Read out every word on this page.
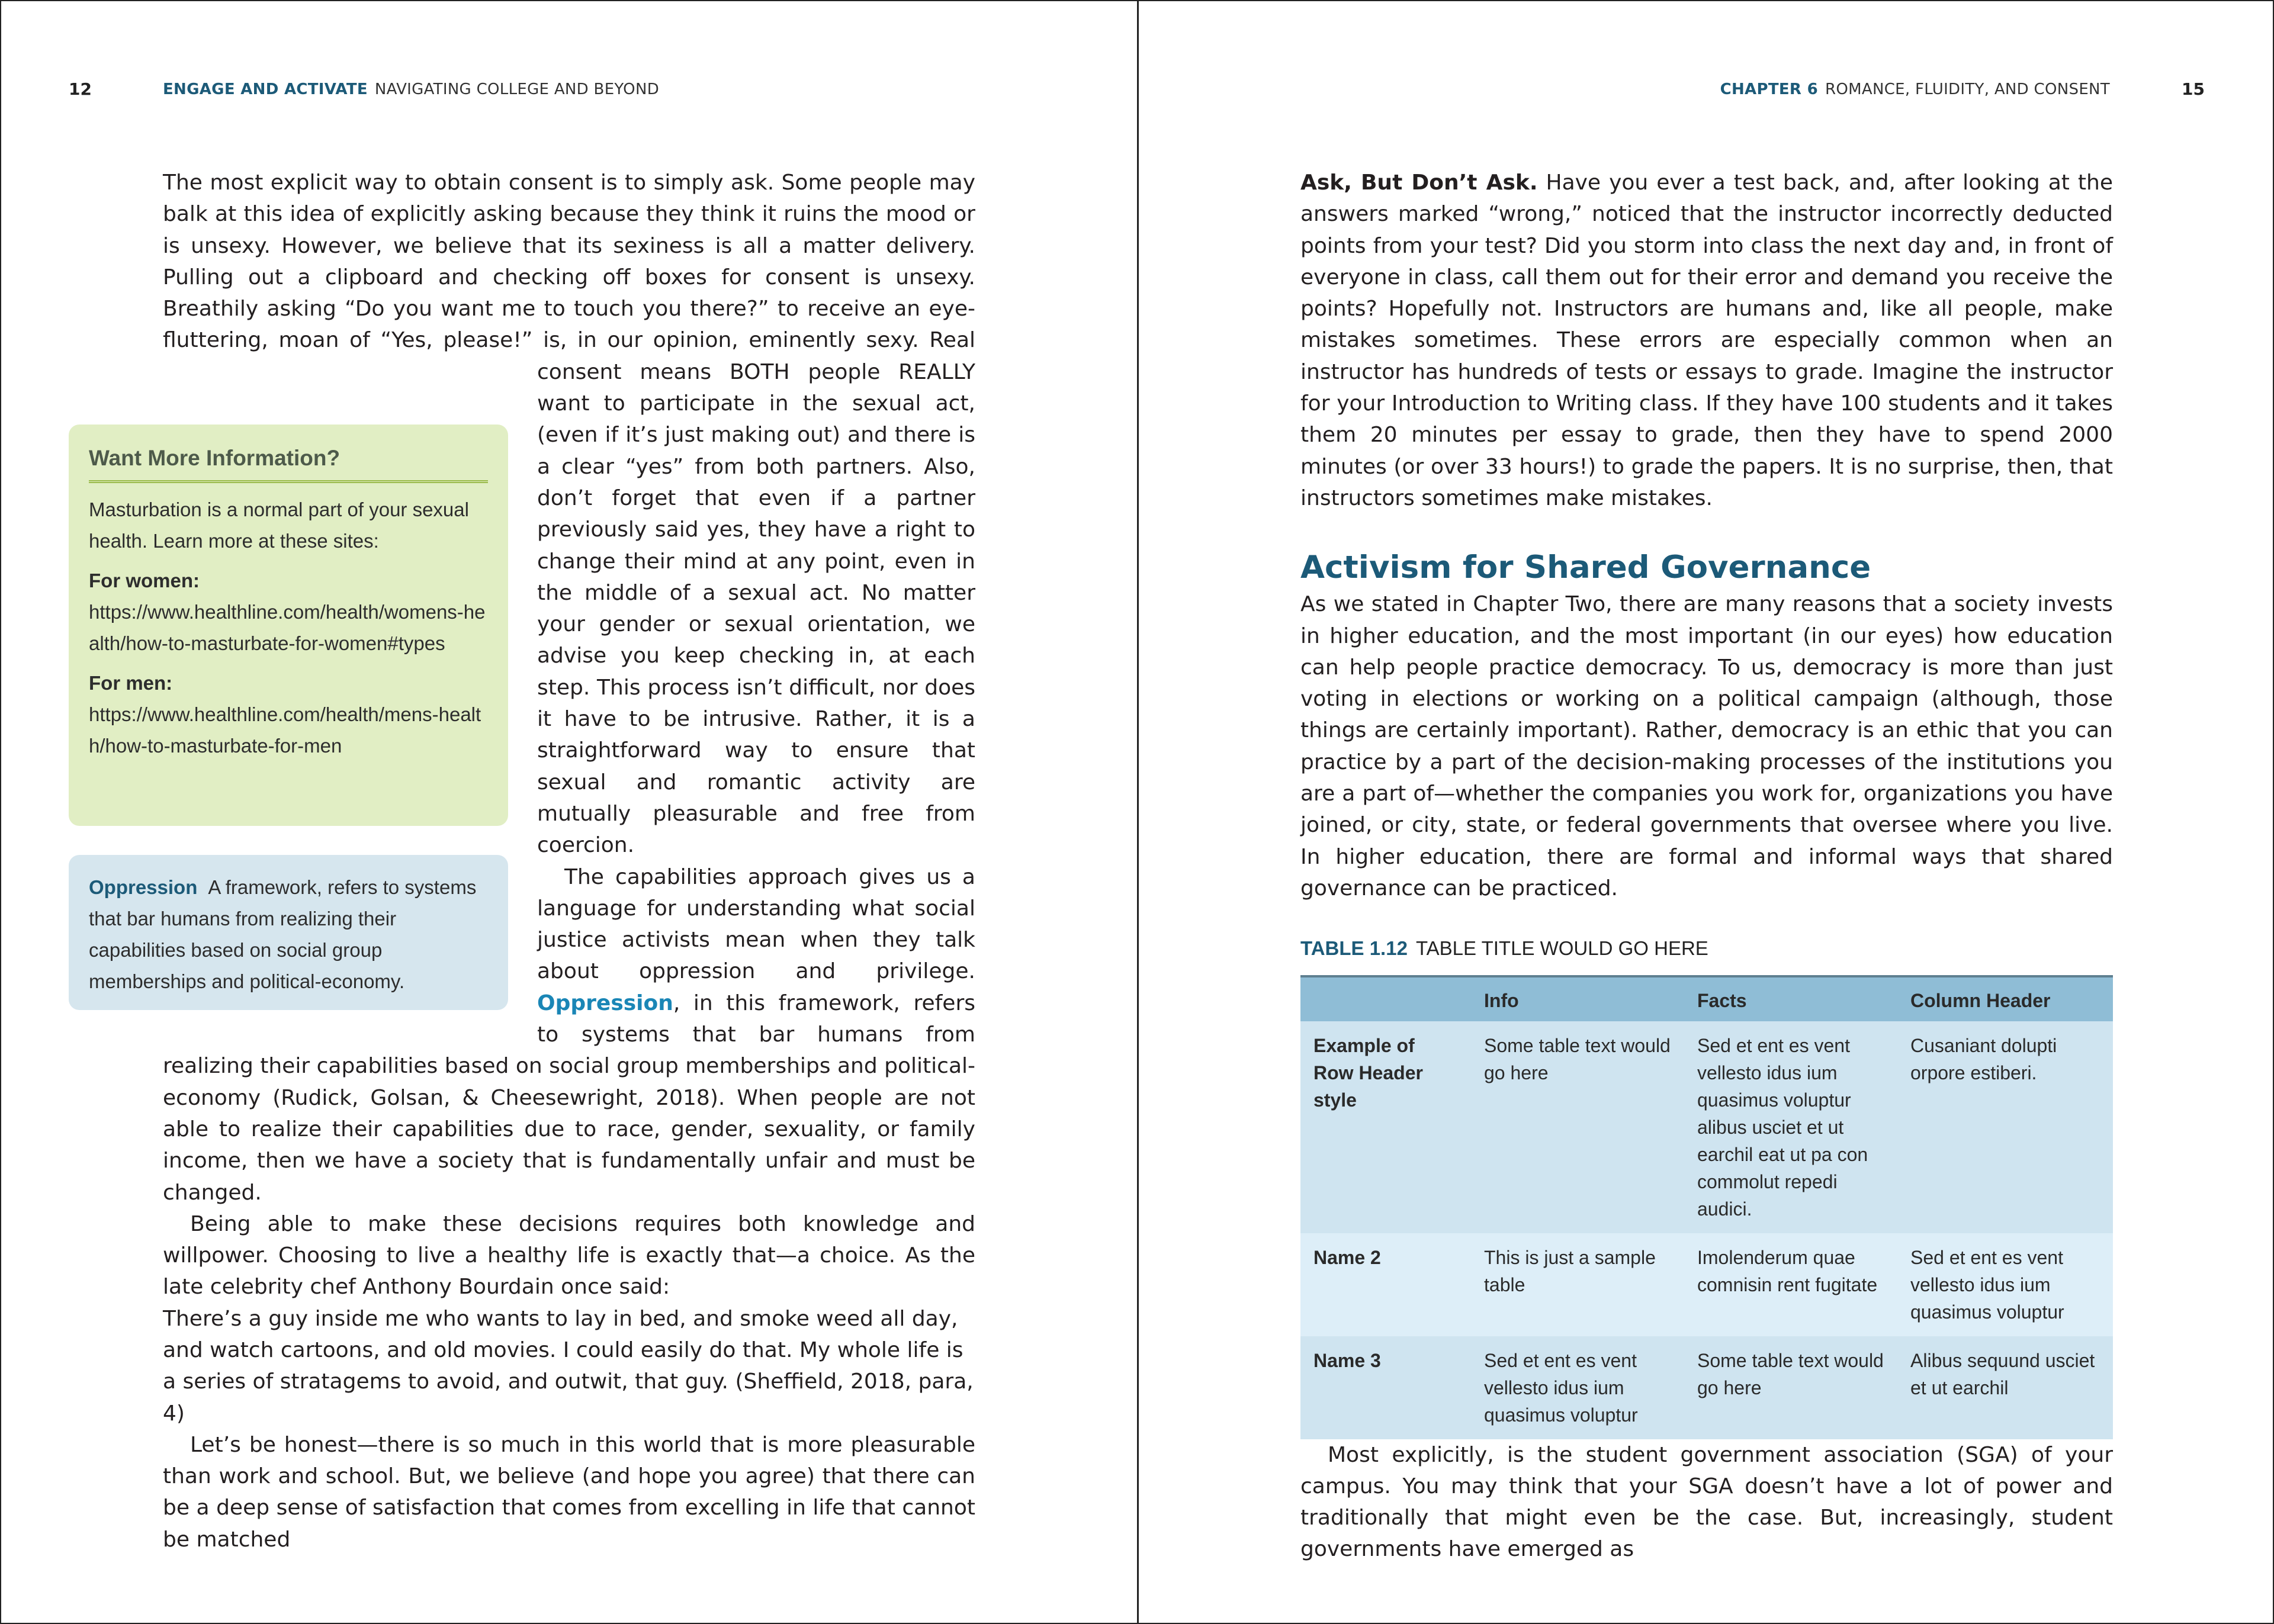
12	ENGAGE AND ACTIVATE NAVIGATING COLLEGE AND BEYOND

The most explicit way to obtain consent is to simply ask. Some people may balk at this idea of explicitly asking because they think it ruins the mood or is unsexy. However, we believe that its sexiness is all a matter delivery. Pulling out a clipboard and checking off boxes for consent is unsexy. Breathily asking “Do you want me to touch you there?” to receive an eye-fluttering, moan of “Yes, please!” is, in our opinion, eminently sexy. Real consent means BOTH people REALLY want to participate in the sexual act, (even if it’s just making out) and there is a clear “yes” from both partners. Also, don’t forget that even if a partner previously said yes, they have a right to change their mind at any point, even in the middle of a sexual act. No matter your gender or sexual orientation, we advise you keep checking in, at each step. This process isn’t difficult, nor does it have to be intrusive. Rather, it is a straightforward way to ensure that sexual and romantic activity are mutually pleasurable and free from coercion.

The capabilities approach gives us a language for understanding what social justice activists mean when they talk about oppression and privilege. Oppression, in this framework, refers to systems that bar humans from realizing their capabilities based on social group memberships and political-economy (Rudick, Golsan, & Cheesewright, 2018). When people are not able to realize their capabilities due to race, gender, sexuality, or family income, then we have a society that is fundamentally unfair and must be changed.

Being able to make these decisions requires both knowledge and willpower. Choosing to live a healthy life is exactly that—a choice. As the late celebrity chef Anthony Bourdain once said:

There’s a guy inside me who wants to lay in bed, and smoke weed all day, and watch cartoons, and old movies. I could easily do that. My whole life is a series of stratagems to avoid, and outwit, that guy. (Sheffield, 2018, para, 4)

Let’s be honest—there is so much in this world that is more pleasurable than work and school. But, we believe (and hope you agree) that there can be a deep sense of satisfaction that comes from excelling in life that cannot be matched

Want More Information?

Masturbation is a normal part of your sexual health. Learn more at these sites:

For women:

https://www.healthline.com/health/womens-health/how-to-masturbate-for-women#types

For men:

https://www.healthline.com/health/mens-health/how-to-masturbate-for-men

Oppression A framework, refers to systems that bar humans from realizing their capabilities based on social group memberships and political-economy.
CHAPTER 6 ROMANCE, FLUIDITY, AND CONSENT	15

Ask, But Don’t Ask. Have you ever a test back, and, after looking at the answers marked “wrong,” noticed that the instructor incorrectly deducted points from your test? Did you storm into class the next day and, in front of everyone in class, call them out for their error and demand you receive the points? Hopefully not. Instructors are humans and, like all people, make mistakes sometimes. These errors are especially common when an instructor has hundreds of tests or essays to grade. Imagine the instructor for your Introduction to Writing class. If they have 100 students and it takes them 20 minutes per essay to grade, then they have to spend 2000 minutes (or over 33 hours!) to grade the papers. It is no surprise, then, that instructors sometimes make mistakes.

Activism for Shared Governance

As we stated in Chapter Two, there are many reasons that a society invests in higher education, and the most important (in our eyes) how education can help people practice democracy. To us, democracy is more than just voting in elections or working on a political campaign (although, those things are certainly important). Rather, democracy is an ethic that you can practice by a part of the decision-making processes of the institutions you are a part of—whether the companies you work for, organizations you have joined, or city, state, or federal governments that oversee where you live. In higher education, there are formal and informal ways that shared governance can be practiced.

TABLE 1.12 TABLE TITLE WOULD GO HERE
	Info	Facts	Column Header
Example of Row Header style	Some table text would go here	Sed et ent es vent vellesto idus ium quasimus voluptur alibus usciet et ut earchil eat ut pa con commolut repedi audici.	Cusaniant dolupti orpore estiberi.
Name 2	This is just a sample table	Imolenderum quae comnisin rent fugitate	Sed et ent es vent vellesto idus ium quasimus voluptur
Name 3	Sed et ent es vent vellesto idus ium quasimus voluptur	Some table text would go here	Alibus sequund usciet et ut earchil

Most explicitly, is the student government association (SGA) of your campus. You may think that your SGA doesn’t have a lot of power and traditionally that might even be the case. But, increasingly, student governments have emerged as
